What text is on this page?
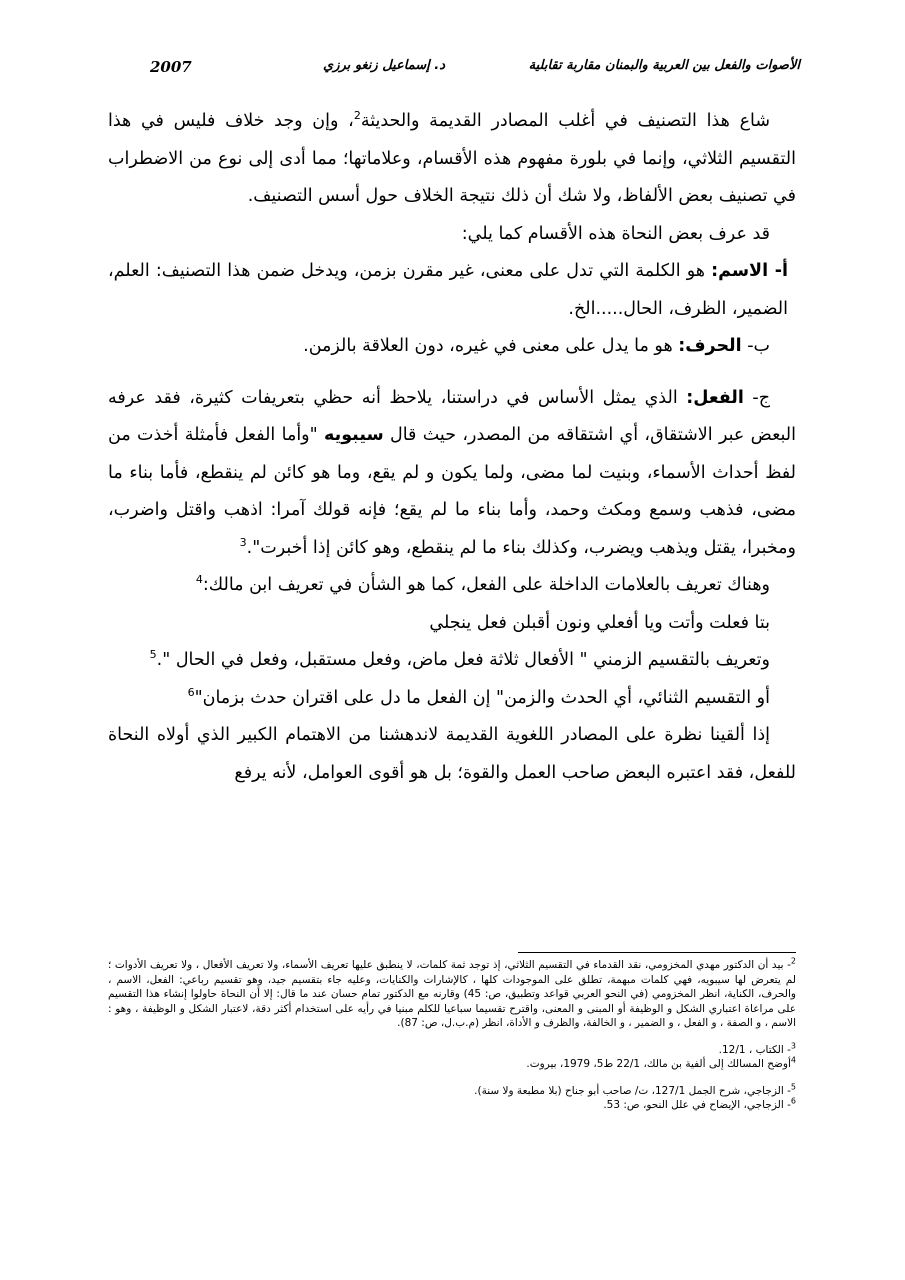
الأصوات والفعل بين العربية والبمنان مقاربة تقابلية
د. إسماعيل زنغو برزي
2007

شاع هذا التصنيف في أغلب المصادر القديمة والحديثة$^2$، وإن وجد خلاف فليس في هذا التقسيم الثلاثي، وإنما في بلورة مفهوم هذه الأقسام، وعلاماتها؛ مما أدى إلى نوع من الاضطراب في تصنيف بعض الألفاظ، ولا شك أن ذلك نتيجة الخلاف حول أسس التصنيف.

قد عرف بعض النحاة هذه الأقسام كما يلي:

أ- الاسم: هو الكلمة التي تدل على معنى، غير مقرن بزمن، ويدخل ضمن هذا التصنيف: العلم، الضمير، الظرف، الحال.....الخ.

ب- الحرف: هو ما يدل على معنى في غيره، دون العلاقة بالزمن.

ج- الفعل: الذي يمثل الأساس في دراستنا، يلاحظ أنه حظي بتعريفات كثيرة، فقد عرفه البعض عبر الاشتقاق، أي اشتقاقه من المصدر، حيث قال سيبويه "وأما الفعل فأمثلة أخذت من لفظ أحداث الأسماء، وبنيت لما مضى، ولما يكون و لم يقع، وما هو كائن لم ينقطع، فأما بناء ما مضى، فذهب وسمع ومكث وحمد، وأما بناء ما لم يقع؛ فإنه قولك آمرا: اذهب واقتل واضرب، ومخبرا، يقتل ويذهب ويضرب، وكذلك بناء ما لم ينقطع، وهو كائن إذا أخبرت".$^3$

وهناك تعريف بالعلامات الداخلة على الفعل، كما هو الشأن في تعريف ابن مالك:$^4$

بتا فعلت وأتت ويا أفعلي ونون أقبلن فعل ينجلي

وتعريف بالتقسيم الزمني " الأفعال ثلاثة فعل ماض، وفعل مستقبل، وفعل في الحال ".$^5$

أو التقسيم الثنائي، أي الحدث والزمن" إن الفعل ما دل على اقتران حدث بزمان"$^6$

إذا ألقينا نظرة على المصادر اللغوية القديمة لاندهشنا من الاهتمام الكبير الذي أولاه النحاة للفعل، فقد اعتبره البعض صاحب العمل والقوة؛ بل هو أقوى العوامل، لأنه يرفع

$^2$- بيد أن الدكتور مهدي المخزومي، نقد القدماء في التقسيم الثلاثي، إذ توجد ثمة كلمات، لا ينطبق عليها تعريف الأسماء، ولا تعريف الأفعال ، ولا تعريف الأدوات ؛ لم يتعرض لها سيبويه، فهي كلمات مبهمة، تطلق على الموجودات كلها ، كالإشارات والكنايات، وعليه جاء بتقسيم جيد، وهو تقسيم رباعي: الفعل، الاسم ، والحرف، الكناية، انظر المخزومي (في النحو العربي قواعد وتطبيق، ص: 45) وقارنه مع الدكتور تمام حسان عند ما قال: إلا أن النحاة حاولوا إنشاء هذا التقسيم على مراعاة اعتباري الشكل و الوظيفة أو المبنى و المعنى، واقترح تقسيما سباعيا للكلم مبنيا في رأيه على استخدام أكثر دقة، لاعتبار الشكل و الوظيفة ، وهو : الاسم ، و الصفة ، و الفعل ، و الضمير ، و الخالفة، والظرف و الأداة، انظر (م.ب.ل، ص: 87).

$^3$- الكتاب ، 12/1.

$^4$أوضح المسالك إلى ألفية بن مالك، 22/1 ط5، 1979، بيروت.

$^5$- الزجاجي، شرح الجمل 127/1، ت/ صاحب أبو جناح (بلا مطبعة ولا سنة).

$^6$- الزجاجي، الإيضاح في علل النحو، ص: 53.
